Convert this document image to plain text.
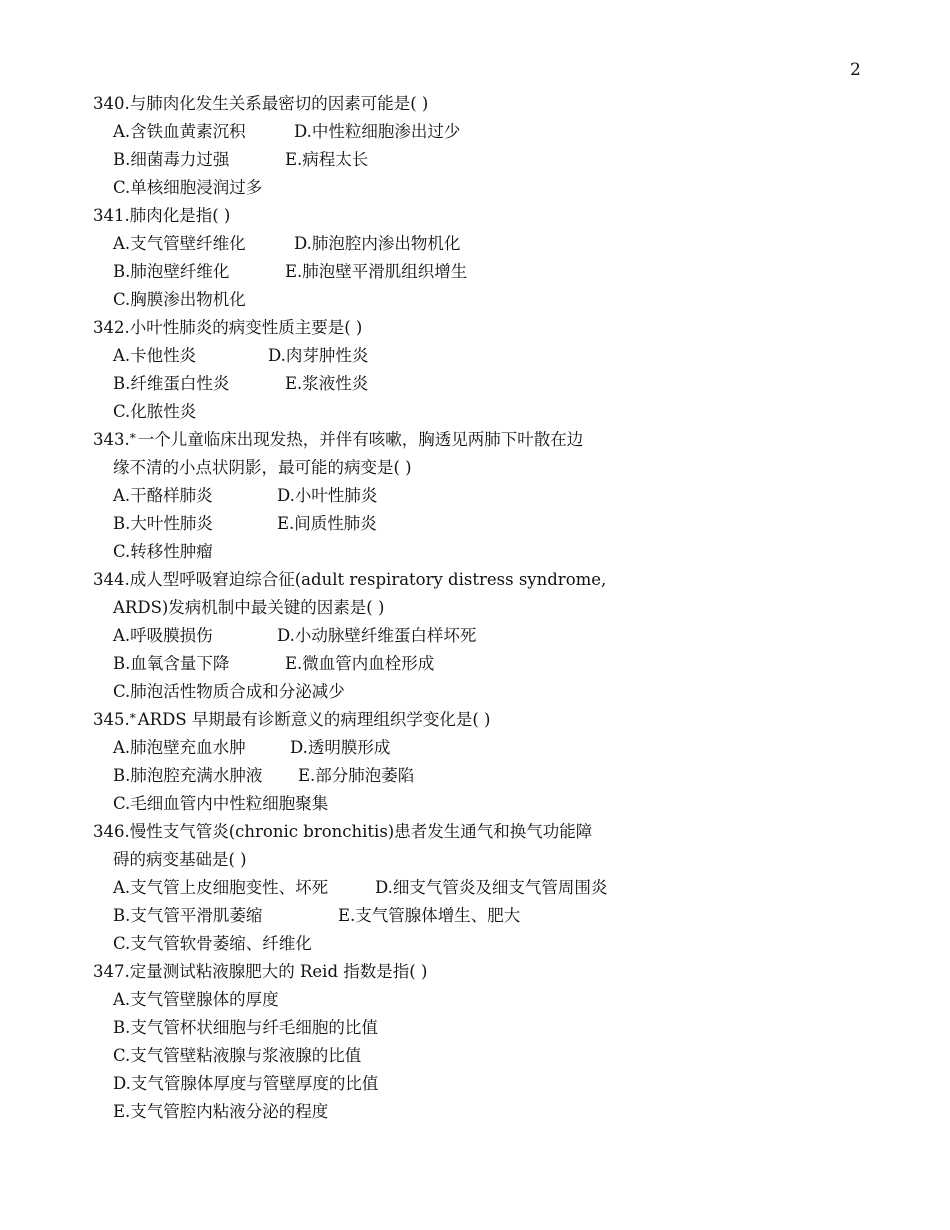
2
340.与肺肉化发生关系最密切的因素可能是( )
A.含铁血黄素沉积	D.中性粒细胞渗出过少
B.细菌毒力过强	E.病程太长
C.单核细胞浸润过多
341.肺肉化是指( )
A.支气管壁纤维化	D.肺泡腔内渗出物机化
B.肺泡壁纤维化	E.肺泡壁平滑肌组织增生
C.胸膜渗出物机化
342.小叶性肺炎的病变性质主要是( )
A.卡他性炎	D.肉芽肿性炎
B.纤维蛋白性炎	E.浆液性炎
C.化脓性炎
343.* 一个儿童临床出现发热，并伴有咳嗽，胸透见两肺下叶散在边
缘不清的小点状阴影，最可能的病变是( )
A.干酪样肺炎	D.小叶性肺炎
B.大叶性肺炎	E.间质性肺炎
C.转移性肿瘤
344.成人型呼吸窘迫综合征(adult respiratory distress syndrome,
ARDS)发病机制中最关键的因素是( )
A.呼吸膜损伤	D.小动脉壁纤维蛋白样坏死
B.血氧含量下降	E.微血管内血栓形成
C.肺泡活性物质合成和分泌减少
345.* ARDS 早期最有诊断意义的病理组织学变化是( )
A.肺泡壁充血水肿	D.透明膜形成
B.肺泡腔充满水肿液	E.部分肺泡萎陷
C.毛细血管内中性粒细胞聚集
346.慢性支气管炎(chronic bronchitis)患者发生通气和换气功能障
碍的病变基础是( )
A.支气管上皮细胞变性、坏死	D.细支气管炎及细支气管周围炎
B.支气管平滑肌萎缩	E.支气管腺体增生、肥大
C.支气管软骨萎缩、纤维化
347.定量测试粘液腺肥大的 Reid 指数是指( )
A.支气管壁腺体的厚度
B.支气管杯状细胞与纤毛细胞的比值
C.支气管壁粘液腺与浆液腺的比值
D.支气管腺体厚度与管壁厚度的比值
E.支气管腔内粘液分泌的程度
